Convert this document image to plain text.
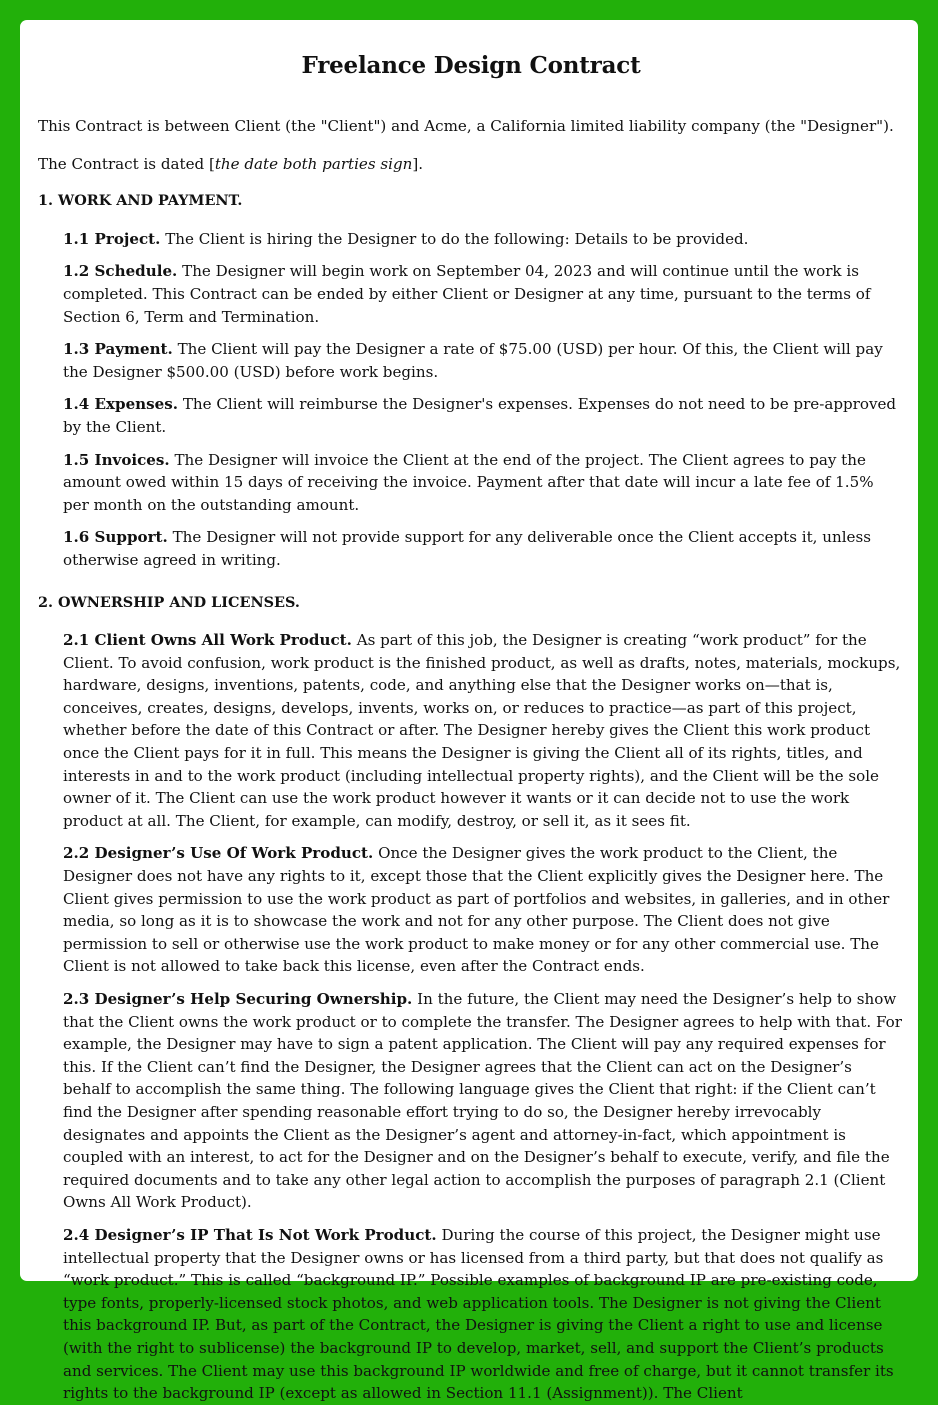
Freelance Design Contract

This Contract is between Client (the "Client") and Acme, a California limited liability company (the "Designer").

The Contract is dated [the date both parties sign].

1. WORK AND PAYMENT.

1.1 Project. The Client is hiring the Designer to do the following: Details to be provided.

1.2 Schedule. The Designer will begin work on September 04, 2023 and will continue until the work is completed. This Contract can be ended by either Client or Designer at any time, pursuant to the terms of Section 6, Term and Termination.

1.3 Payment. The Client will pay the Designer a rate of $75.00 (USD) per hour. Of this, the Client will pay the Designer $500.00 (USD) before work begins.

1.4 Expenses. The Client will reimburse the Designer's expenses. Expenses do not need to be pre-approved by the Client.

1.5 Invoices. The Designer will invoice the Client at the end of the project. The Client agrees to pay the amount owed within 15 days of receiving the invoice. Payment after that date will incur a late fee of 1.5% per month on the outstanding amount.

1.6 Support. The Designer will not provide support for any deliverable once the Client accepts it, unless otherwise agreed in writing.

2. OWNERSHIP AND LICENSES.

2.1 Client Owns All Work Product. As part of this job, the Designer is creating “work product” for the Client. To avoid confusion, work product is the finished product, as well as drafts, notes, materials, mockups, hardware, designs, inventions, patents, code, and anything else that the Designer works on—that is, conceives, creates, designs, develops, invents, works on, or reduces to practice—as part of this project, whether before the date of this Contract or after. The Designer hereby gives the Client this work product once the Client pays for it in full. This means the Designer is giving the Client all of its rights, titles, and interests in and to the work product (including intellectual property rights), and the Client will be the sole owner of it. The Client can use the work product however it wants or it can decide not to use the work product at all. The Client, for example, can modify, destroy, or sell it, as it sees fit.

2.2 Designer’s Use Of Work Product. Once the Designer gives the work product to the Client, the Designer does not have any rights to it, except those that the Client explicitly gives the Designer here. The Client gives permission to use the work product as part of portfolios and websites, in galleries, and in other media, so long as it is to showcase the work and not for any other purpose. The Client does not give permission to sell or otherwise use the work product to make money or for any other commercial use. The Client is not allowed to take back this license, even after the Contract ends.

2.3 Designer’s Help Securing Ownership. In the future, the Client may need the Designer’s help to show that the Client owns the work product or to complete the transfer. The Designer agrees to help with that. For example, the Designer may have to sign a patent application. The Client will pay any required expenses for this. If the Client can’t find the Designer, the Designer agrees that the Client can act on the Designer’s behalf to accomplish the same thing. The following language gives the Client that right: if the Client can’t find the Designer after spending reasonable effort trying to do so, the Designer hereby irrevocably designates and appoints the Client as the Designer’s agent and attorney-in-fact, which appointment is coupled with an interest, to act for the Designer and on the Designer’s behalf to execute, verify, and file the required documents and to take any other legal action to accomplish the purposes of paragraph 2.1 (Client Owns All Work Product).

2.4 Designer’s IP That Is Not Work Product. During the course of this project, the Designer might use intellectual property that the Designer owns or has licensed from a third party, but that does not qualify as “work product.” This is called “background IP.” Possible examples of background IP are pre-existing code, type fonts, properly-licensed stock photos, and web application tools. The Designer is not giving the Client this background IP. But, as part of the Contract, the Designer is giving the Client a right to use and license (with the right to sublicense) the background IP to develop, market, sell, and support the Client’s products and services. The Client may use this background IP worldwide and free of charge, but it cannot transfer its rights to the background IP (except as allowed in Section 11.1 (Assignment)). The Client
